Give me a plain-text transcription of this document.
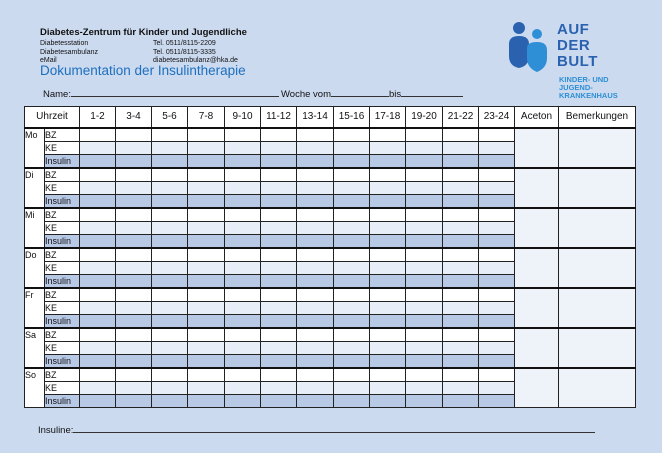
Diabetes-Zentrum für Kinder und Jugendliche
Diabetesstation	Tel. 0511/8115-2209
Diabetesambulanz	Tel. 0511/8115-3335
eMail	diabetesambulanz@hka.de
Dokumentation der Insulintherapie
AUF
DER
BULT
KINDER- UND
JUGEND-
KRANKENHAUS
Name:	Woche vom	bis
Uhrzeit		1-2	3-4	5-6	7-8	9-10	11-12	13-14	15-16	17-18	19-20	21-22	23-24	Aceton	Bemerkungen
Mo	BZ														
	KE														
	Insulin														
Di	BZ														
	KE														
	Insulin														
Mi	BZ														
	KE														
	Insulin														
Do	BZ														
	KE														
	Insulin														
Fr	BZ														
	KE														
	Insulin														
Sa	BZ														
	KE														
	Insulin														
So	BZ														
	KE														
	Insulin														
Insuline:
